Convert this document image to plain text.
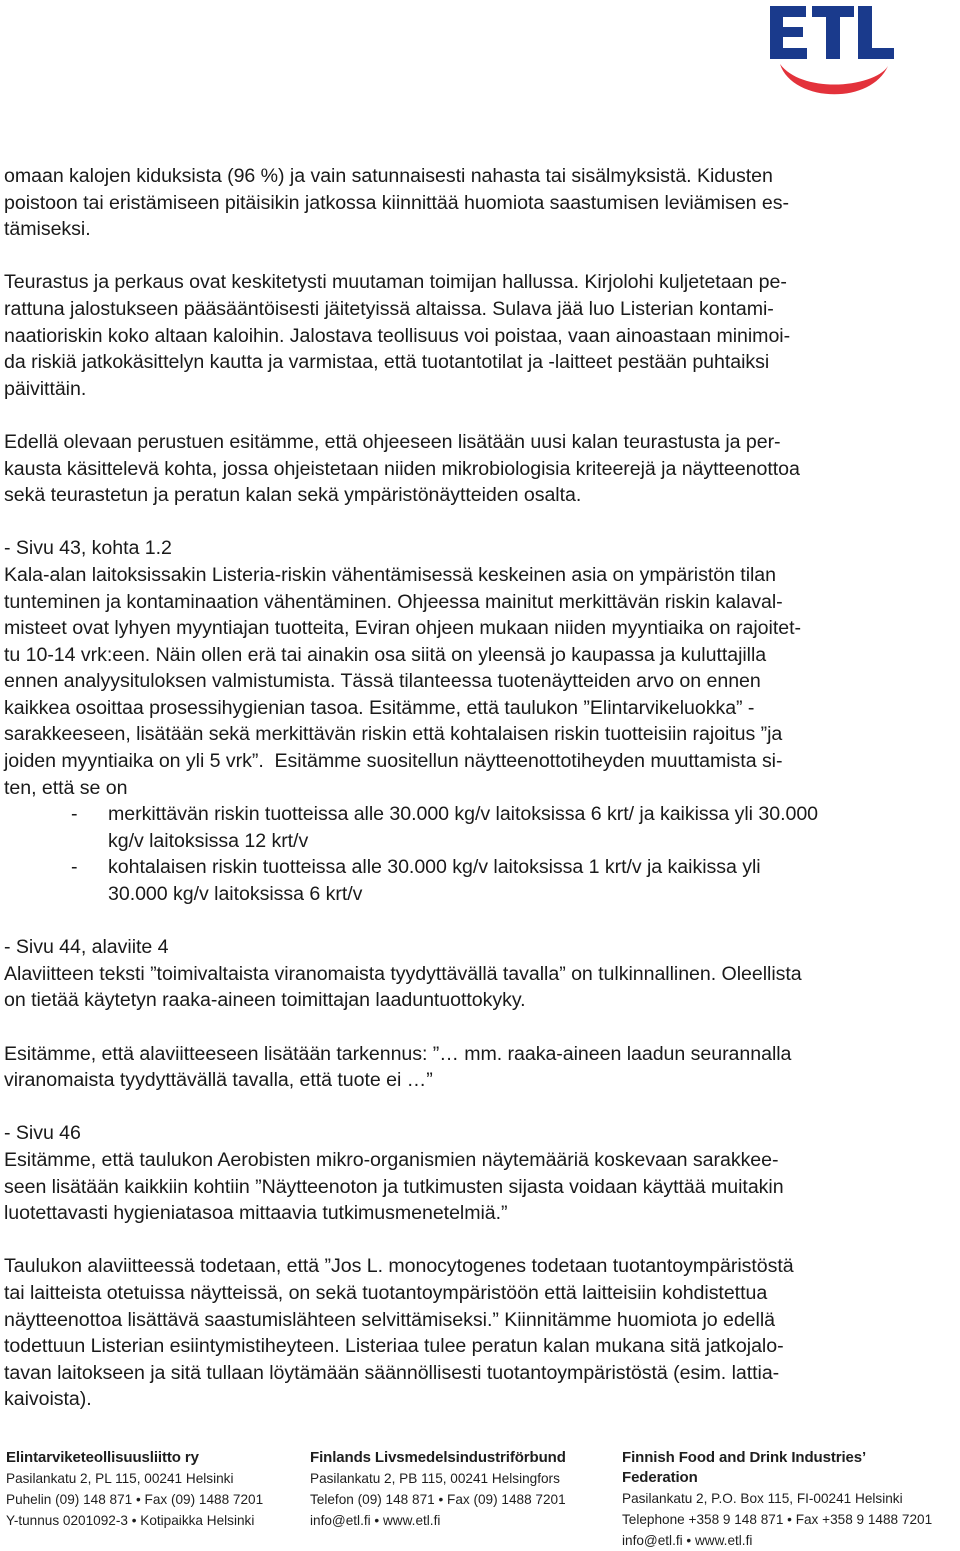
omaan kalojen kiduksista (96 %) ja vain satunnaisesti nahasta tai sisälmyksistä. Kidusten
poistoon tai eristämiseen pitäisikin jatkossa kiinnittää huomiota saastumisen leviämisen es-
tämiseksi.
Teurastus ja perkaus ovat keskitetysti muutaman toimijan hallussa. Kirjolohi kuljetetaan pe-
rattuna jalostukseen pääsääntöisesti jäitetyissä altaissa. Sulava jää luo Listerian kontami-
naatioriskin koko altaan kaloihin. Jalostava teollisuus voi poistaa, vaan ainoastaan minimoi-
da riskiä jatkokäsittelyn kautta ja varmistaa, että tuotantotilat ja -laitteet pestään puhtaiksi
päivittäin.
Edellä olevaan perustuen esitämme, että ohjeeseen lisätään uusi kalan teurastusta ja per-
kausta käsittelevä kohta, jossa ohjeistetaan niiden mikrobiologisia kriteerejä ja näytteenottoa
sekä teurastetun ja peratun kalan sekä ympäristönäytteiden osalta.
- Sivu 43, kohta 1.2
Kala-alan laitoksissakin Listeria-riskin vähentämisessä keskeinen asia on ympäristön tilan
tunteminen ja kontaminaation vähentäminen. Ohjeessa mainitut merkittävän riskin kalaval-
misteet ovat lyhyen myyntiajan tuotteita, Eviran ohjeen mukaan niiden myyntiaika on rajoitet-
tu 10-14 vrk:een. Näin ollen erä tai ainakin osa siitä on yleensä jo kaupassa ja kuluttajilla
ennen analyysituloksen valmistumista. Tässä tilanteessa tuotenäytteiden arvo on ennen
kaikkea osoittaa prosessihygienian tasoa. Esitämme, että taulukon ”Elintarvikeluokka” -
sarakkeeseen, lisätään sekä merkittävän riskin että kohtalaisen riskin tuotteisiin rajoitus ”ja
joiden myyntiaika on yli 5 vrk”.  Esitämme suositellun näytteenottotiheyden muuttamista si-
ten, että se on
-	merkittävän riskin tuotteissa alle 30.000 kg/v laitoksissa 6 krt/ ja kaikissa yli 30.000
kg/v laitoksissa 12 krt/v
-	kohtalaisen riskin tuotteissa alle 30.000 kg/v laitoksissa 1 krt/v ja kaikissa yli
30.000 kg/v laitoksissa 6 krt/v
- Sivu 44, alaviite 4
Alaviitteen teksti ”toimivaltaista viranomaista tyydyttävällä tavalla” on tulkinnallinen. Oleellista
on tietää käytetyn raaka-aineen toimittajan laaduntuottokyky.
Esitämme, että alaviitteeseen lisätään tarkennus: ”… mm. raaka-aineen laadun seurannalla
viranomaista tyydyttävällä tavalla, että tuote ei …”
- Sivu 46
Esitämme, että taulukon Aerobisten mikro-organismien näytemääriä koskevaan sarakkee-
seen lisätään kaikkiin kohtiin ”Näytteenoton ja tutkimusten sijasta voidaan käyttää muitakin
luotettavasti hygieniatasoa mittaavia tutkimusmenetelmiä.”
Taulukon alaviitteessä todetaan, että ”Jos L. monocytogenes todetaan tuotantoympäristöstä
tai laitteista otetuissa näytteissä, on sekä tuotantoympäristöön että laitteisiin kohdistettua
näytteenottoa lisättävä saastumislähteen selvittämiseksi.” Kiinnitämme huomiota jo edellä
todettuun Listerian esiintymistiheyteen. Listeriaa tulee peratun kalan mukana sitä jatkojalo-
tavan laitokseen ja sitä tullaan löytämään säännöllisesti tuotantoympäristöstä (esim. lattia-
kaivoista).
Elintarviketeollisuusliitto ry
Pasilankatu 2, PL 115, 00241 Helsinki
Puhelin (09) 148 871 • Fax (09) 1488 7201
Y-tunnus 0201092-3 • Kotipaikka Helsinki
Finlands Livsmedelsindustriförbund
Pasilankatu 2, PB 115, 00241 Helsingfors
Telefon (09) 148 871 • Fax (09) 1488 7201
info@etl.fi • www.etl.fi
Finnish Food and Drink Industries’ Federation
Pasilankatu 2, P.O. Box 115, FI-00241 Helsinki
Telephone +358 9 148 871 • Fax +358 9 1488 7201
info@etl.fi • www.etl.fi
